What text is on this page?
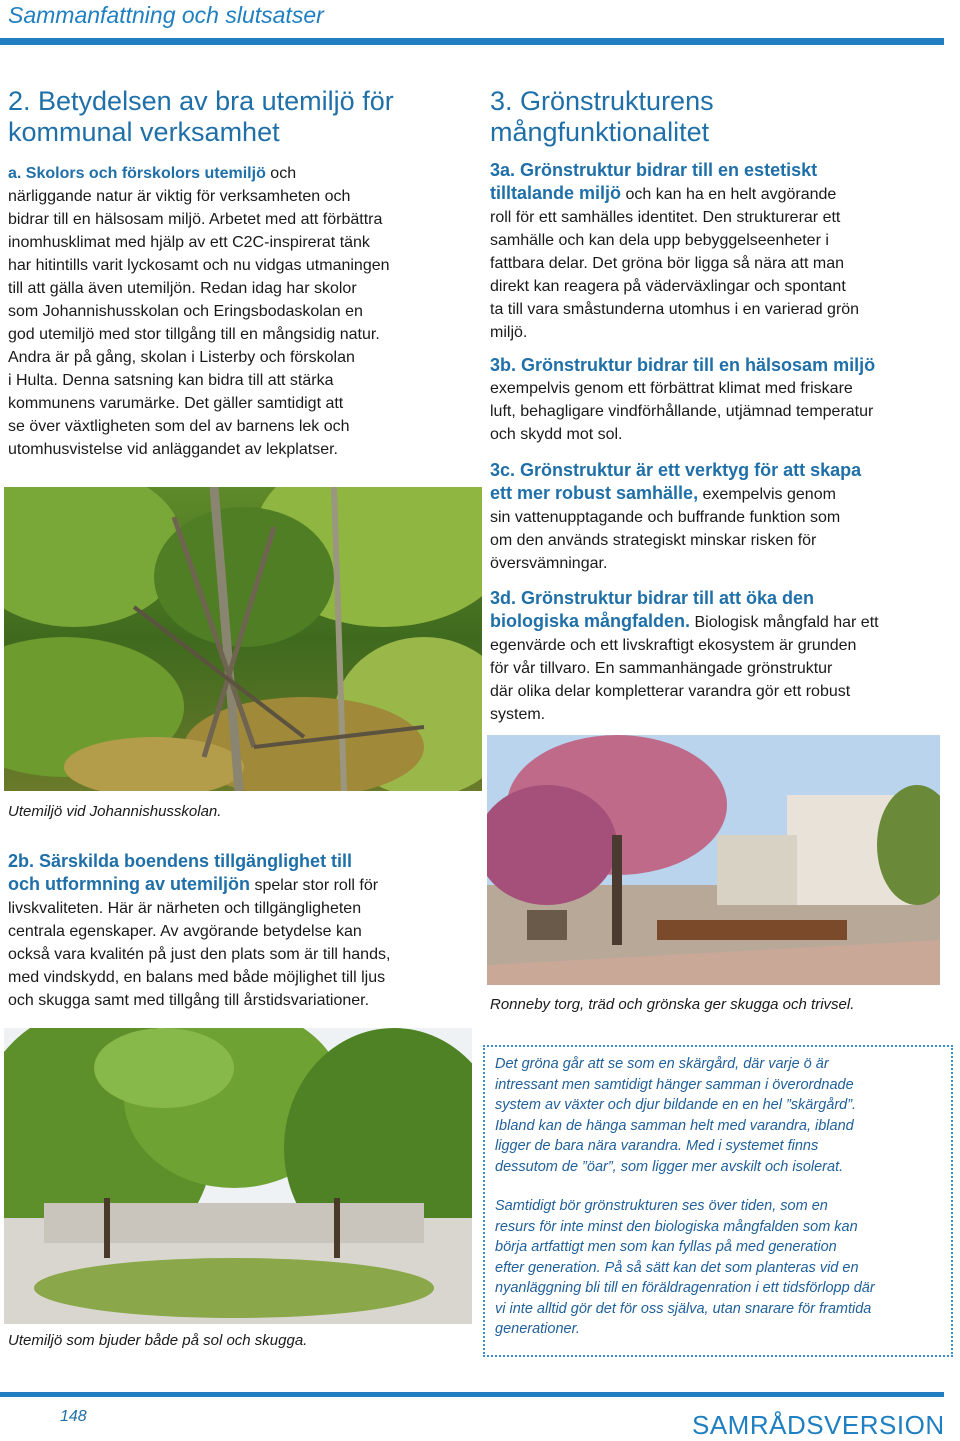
Sammanfattning och slutsatser
2. Betydelsen av bra utemiljö för
kommunal verksamhet
a. Skolors och förskolors utemiljö och
närliggande natur är viktig för verksamheten och
bidrar till en hälsosam miljö. Arbetet med att förbättra
inomhusklimat med hjälp av ett C2C-inspirerat tänk
har hitintills varit lyckosamt och nu vidgas utmaningen
till att gälla även utemiljön. Redan idag har skolor
som Johannishusskolan och Eringsbodaskolan en
god utemiljö med stor tillgång till en mångsidig natur.
Andra är på gång, skolan i Listerby och förskolan
i Hulta. Denna satsning kan bidra till att stärka
kommunens varumärke. Det gäller samtidigt att
se över växtligheten som del av barnens lek och
utomhusvistelse vid anläggandet av lekplatser.
Utemiljö vid Johannishusskolan.
2b. Särskilda boendens tillgänglighet till
och utformning av utemiljön spelar stor roll för
livskvaliteten. Här är närheten och tillgängligheten
centrala egenskaper. Av avgörande betydelse kan
också vara kvalitén på just den plats som är till hands,
med vindskydd, en balans med både möjlighet till ljus
och skugga samt med tillgång till årstidsvariationer.
Utemiljö som bjuder både på sol och skugga.
3. Grönstrukturens
mångfunktionalitet
3a. Grönstruktur bidrar till en estetiskt
tilltalande miljö och kan ha en helt avgörande
roll för ett samhälles identitet. Den strukturerar ett
samhälle och kan dela upp bebyggelseenheter i
fattbara delar. Det gröna bör ligga så nära att man
direkt kan reagera på väderväxlingar och spontant
ta till vara småstunderna utomhus i en varierad grön
miljö.
3b. Grönstruktur bidrar till en hälsosam miljö
exempelvis genom ett förbättrat klimat med friskare
luft, behagligare vindförhållande, utjämnad temperatur
och skydd mot sol.
3c. Grönstruktur är ett verktyg för att skapa
ett mer robust samhälle, exempelvis genom
sin vattenupptagande och buffrande funktion som
om den används strategiskt minskar risken för
översvämningar.
3d. Grönstruktur bidrar till att öka den
biologiska mångfalden. Biologisk mångfald har ett
egenvärde och ett livskraftigt ekosystem är grunden
för vår tillvaro. En sammanhängade grönstruktur
där olika delar kompletterar varandra gör ett robust
system.
Ronneby torg, träd och grönska ger skugga och trivsel.
Det gröna går att se som en skärgård, där varje ö är
intressant men samtidigt hänger samman i överordnade
system av växter och djur bildande en en hel ”skärgård”.
Ibland kan de hänga samman helt med varandra, ibland
ligger de bara nära varandra. Med i systemet finns
dessutom de ”öar”, som ligger mer avskilt och isolerat.
Samtidigt bör grönstrukturen ses över tiden, som en
resurs för inte minst den biologiska mångfalden som kan
börja artfattigt men som kan fyllas på med generation
efter generation. På så sätt kan det som planteras vid en
nyanläggning bli till en föräldragenration i ett tidsförlopp där
vi inte alltid gör det för oss själva, utan snarare för framtida
generationer.
148	SAMRÅDSVERSION
